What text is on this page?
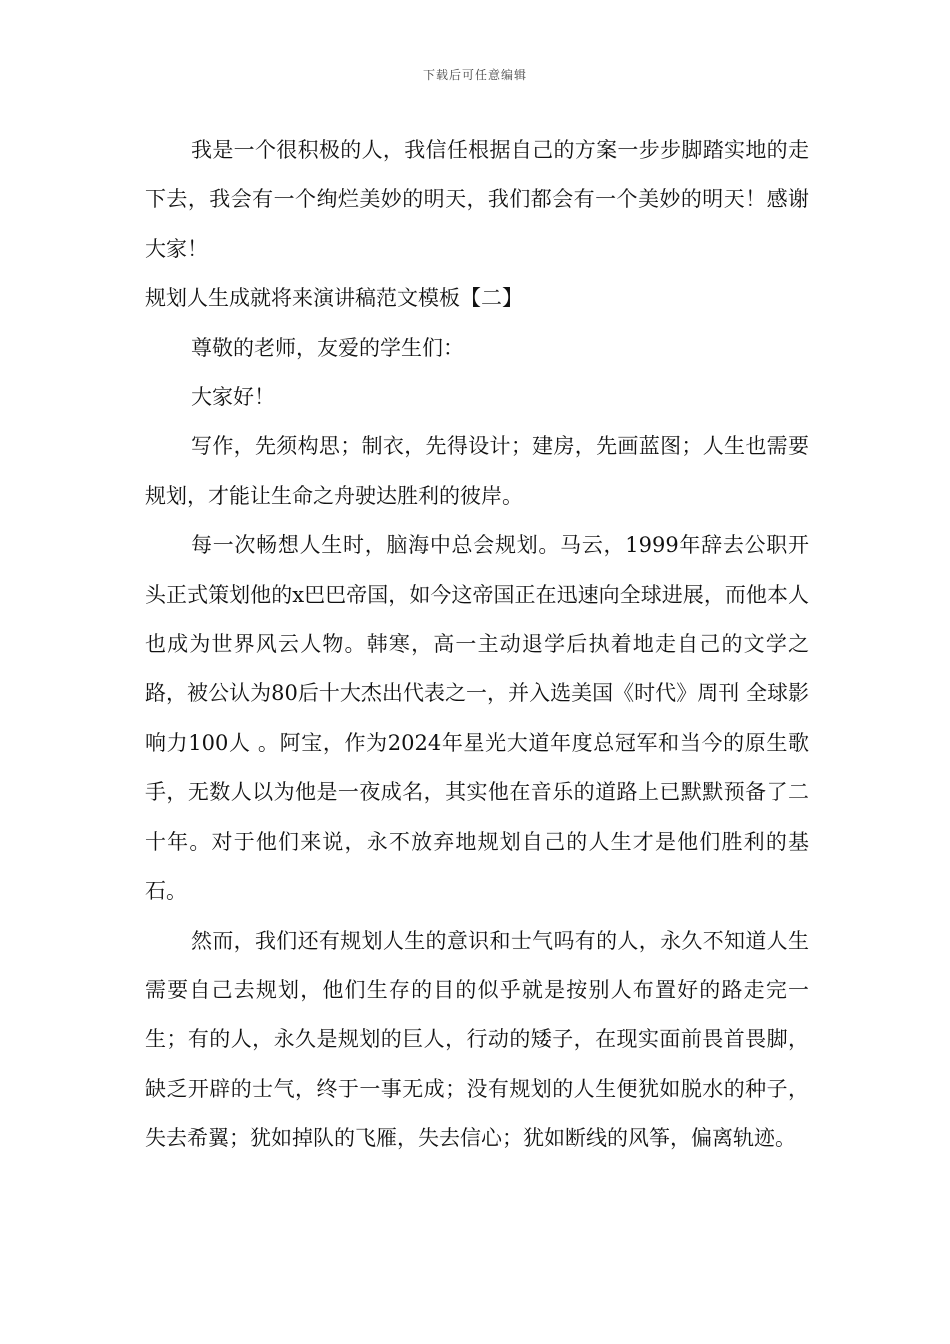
下载后可任意编辑

我是一个很积极的人，我信任根据自己的方案一步步脚踏实地的走下去，我会有一个绚烂美妙的明天，我们都会有一个美妙的明天！感谢大家！

规划人生成就将来演讲稿范文模板【二】

尊敬的老师，友爱的学生们：

大家好！

写作，先须构思；制衣，先得设计；建房，先画蓝图；人生也需要规划，才能让生命之舟驶达胜利的彼岸。

每一次畅想人生时，脑海中总会规划。马云，1999年辞去公职开头正式策划他的x巴巴帝国，如今这帝国正在迅速向全球进展，而他本人也成为世界风云人物。韩寒，高一主动退学后执着地走自己的文学之路，被公认为80后十大杰出代表之一，并入选美国《时代》周刊 全球影响力100人 。阿宝，作为2024年星光大道年度总冠军和当今的原生歌手，无数人以为他是一夜成名，其实他在音乐的道路上已默默预备了二十年。对于他们来说，永不放弃地规划自己的人生才是他们胜利的基石。

然而，我们还有规划人生的意识和士气吗有的人，永久不知道人生需要自己去规划，他们生存的目的似乎就是按别人布置好的路走完一生；有的人，永久是规划的巨人，行动的矮子，在现实面前畏首畏脚，缺乏开辟的士气，终于一事无成；没有规划的人生便犹如脱水的种子，失去希翼；犹如掉队的飞雁，失去信心；犹如断线的风筝，偏离轨迹。
